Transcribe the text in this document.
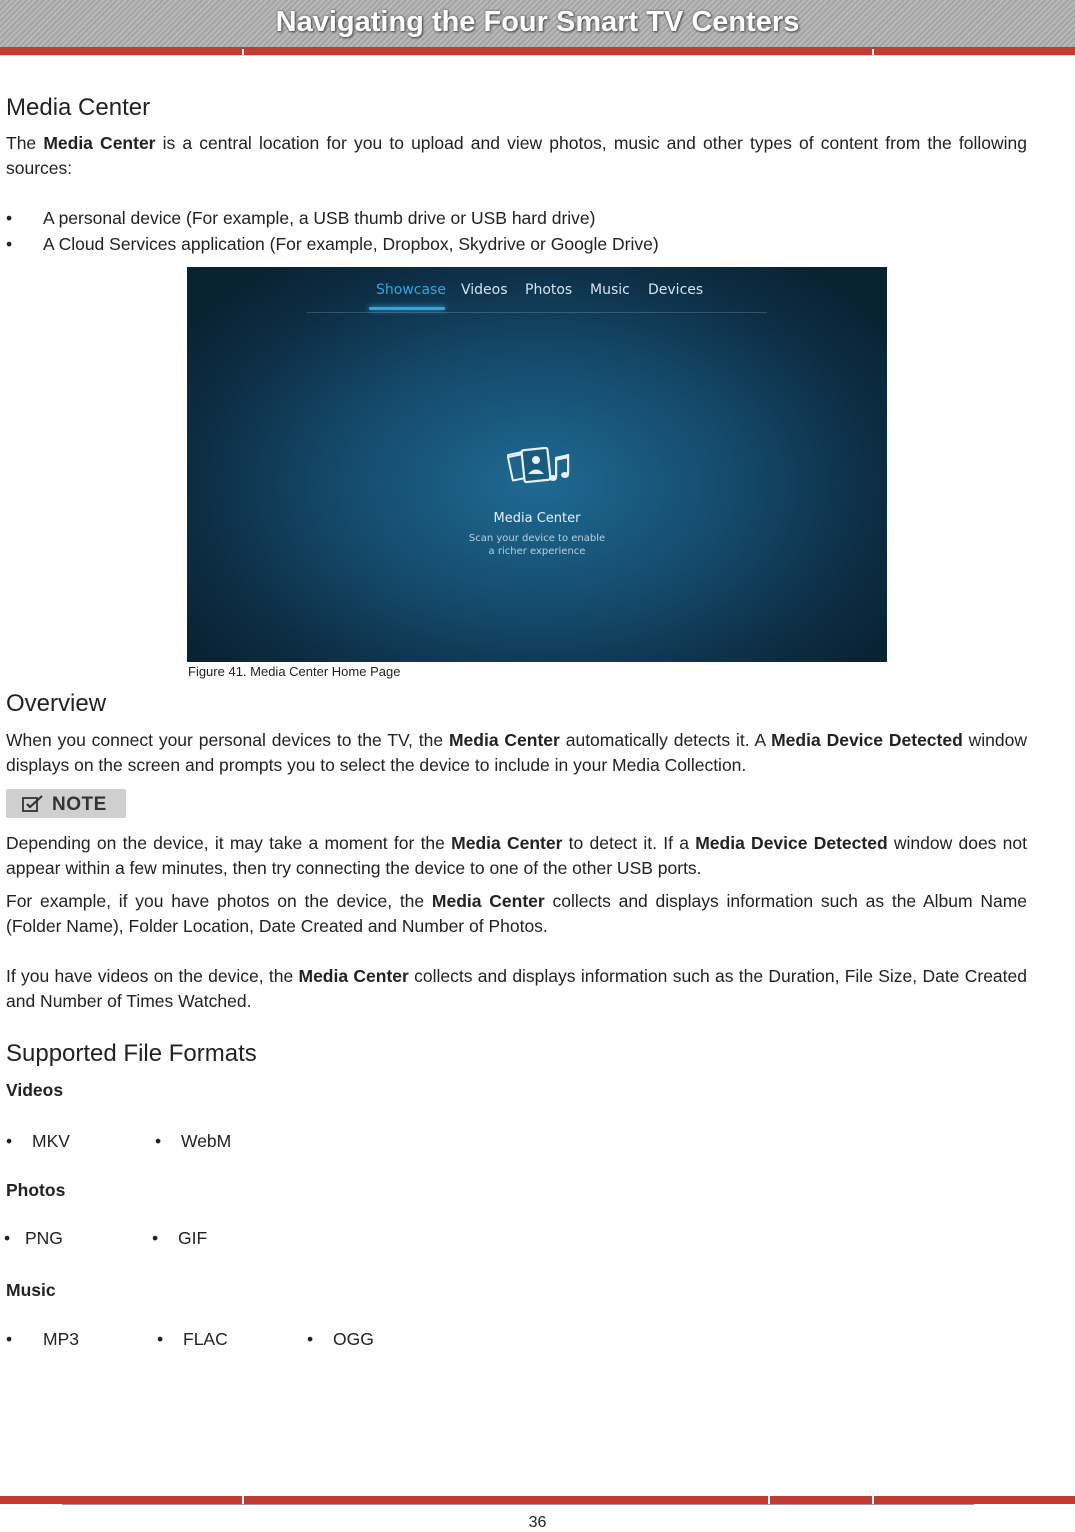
Navigating the Four Smart TV Centers
Media Center
The Media Center is a central location for you to upload and view photos, music and other types of content from the following sources:
• A personal device (For example, a USB thumb drive or USB hard drive)
• A Cloud Services application (For example, Dropbox, Skydrive or Google Drive)
Showcase Videos Photos Music Devices
Media Center
Scan your device to enable
a richer experience
Figure 41. Media Center Home Page
Overview
When you connect your personal devices to the TV, the Media Center automatically detects it. A Media Device Detected window displays on the screen and prompts you to select the device to include in your Media Collection.
NOTE
Depending on the device, it may take a moment for the Media Center to detect it. If a Media Device Detected window does not appear within a few minutes, then try connecting the device to one of the other USB ports.
For example, if you have photos on the device, the Media Center collects and displays information such as the Album Name (Folder Name), Folder Location, Date Created and Number of Photos.
If you have videos on the device, the Media Center collects and displays information such as the Duration, File Size, Date Created and Number of Times Watched.
Supported File Formats
Videos
• MKV	• WebM
Photos
• PNG	• GIF
Music
• MP3	• FLAC	• OGG
36
